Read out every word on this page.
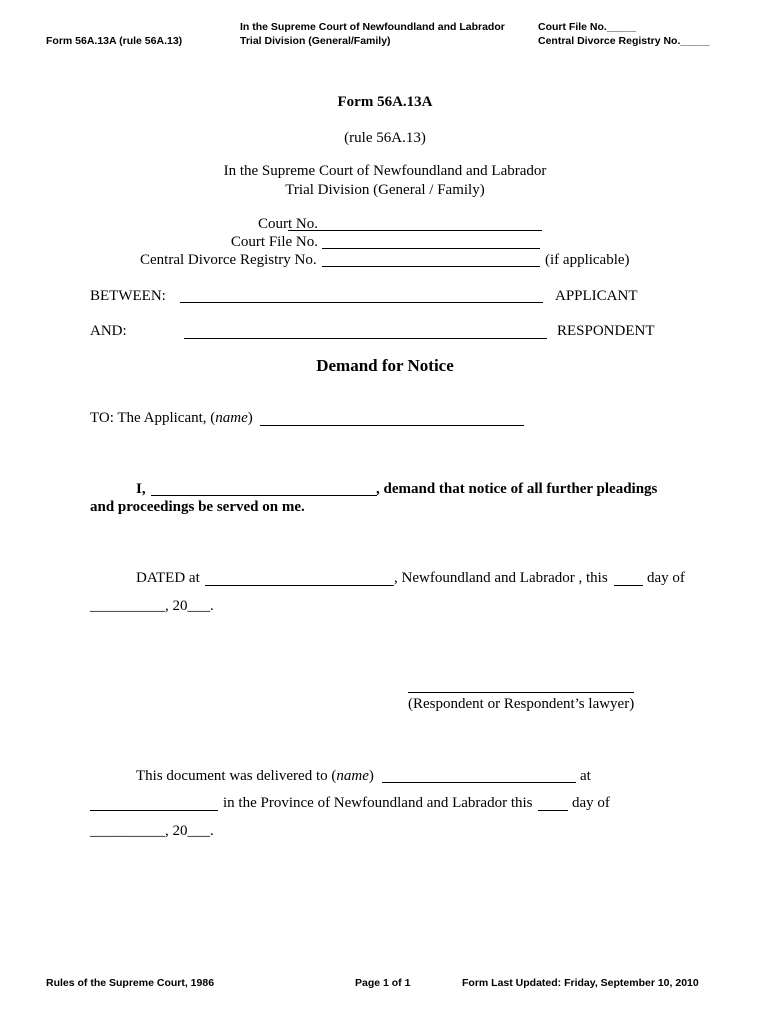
Form 56A.13A (rule 56A.13)
In the Supreme Court of Newfoundland and Labrador
Trial Division (General/Family)
Court File No._____
Central Divorce Registry No._____
Form 56A.13A
(rule 56A.13)
In the Supreme Court of Newfoundland and Labrador
Trial Division (General / Family)
Court No.
Court File No.
Central Divorce Registry No.	(if applicable)
BETWEEN:	APPLICANT
AND:	RESPONDENT
Demand for Notice
TO: The Applicant, (name)
I,	, demand that notice of all further pleadings
and proceedings be served on me.
DATED at	, Newfoundland and Labrador , this	day of
__________, 20___.
(Respondent or Respondent’s lawyer)
This document was delivered to (name)	at
in the Province of Newfoundland and Labrador this	day of
__________, 20___.
Rules of the Supreme Court, 1986	Page 1 of 1	Form Last Updated: Friday, September 10, 2010
